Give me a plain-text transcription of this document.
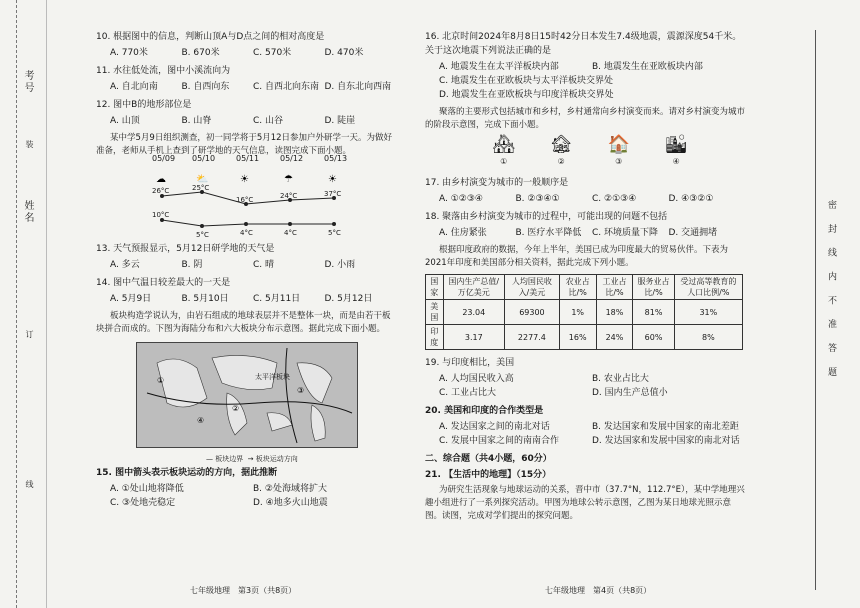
考号
姓名
装
订
线
密 封 线 内 不 准 答 题
10. 根据图中的信息，判断山顶A与D点之间的相对高度是
A. 770米	B. 670米	C. 570米	D. 470米
11. 水往低处流，图中小溪流向为
A. 自北向南	B. 自西向东	C. 自西北向东南 D. 自东北向西南
12. 图中B的地形部位是
A. 山顶	B. 山脊	C. 山谷	D. 陡崖
某中学5月9日组织测查，初一同学将于5月12日参加户外研学一天。为做好准备，老师从手机上查到了研学地的天气信息，读图完成下面小题。
☁	⛅	☀	☂	☀
05/09 05/10	05/11	05/12	05/13
26°C	25°C
16°C	24°C	37°C
10°C
5°C	4°C	4°C	5°C
13. 天气预报显示，5月12日研学地的天气是
A. 多云	B. 阴	C. 晴	D. 小雨
14. 图中气温日较差最大的一天是
A. 5月9日	B. 5月10日	C. 5月11日	D. 5月12日
板块构造学说认为，由岩石组成的地球表层并不是整体一块，而是由若干板块拼合而成的。下图为海陆分布和六大板块分布示意图。据此完成下面小题。
太平洋板块
①
②
③
④
— 板块边界  → 板块运动方向
15. 图中箭头表示板块运动的方向，据此推断
A. ①处山地将降低	B. ②处海域将扩大
C. ③处地壳稳定	D. ④地多火山地震
七年级地理　第3页（共8页）
16. 北京时间2024年8月8日15时42分日本发生7.4级地震，震源深度54千米。关于这次地震下列说法正确的是
A. 地震发生在太平洋板块内部	B. 地震发生在亚欧板块内部
C. 地震发生在亚欧板块与太平洋板块交界处
D. 地震发生在亚欧板块与印度洋板块交界处
聚落的主要形式包括城市和乡村，乡村通常向乡村演变而来。请对乡村演变为城市的阶段示意图，完成下面小题。
🏘
①
🏚
②
🏠
③
🏙
④
17. 由乡村演变为城市的一般顺序是
A. ①②③④	B. ②③④①	C. ②①③④	D. ④③②①
18. 聚落由乡村演变为城市的过程中，可能出现的问题不包括
A. 住房紧张	B. 医疗水平降低	C. 环境质量下降	D. 交通拥堵
根据印度政府的数据，今年上半年，美国已成为印度最大的贸易伙伴。下表为2021年印度和美国部分相关资料，据此完成下列小题。
国家	国内生产总值/万亿美元	人均国民收入/美元	农业占比/%	工业占比/%	服务业占比/%	受过高等教育的人口比例/%
美国	23.04	69300	1%	18%	81%	31%
印度	3.17	2277.4	16%	24%	60%	8%
19. 与印度相比，美国
A. 人均国民收入高	B. 农业占比大
C. 工业占比大	D. 国内生产总值小
20. 美国和印度的合作类型是
A. 发达国家之间的南北对话	B. 发达国家和发展中国家的南北差距
C. 发展中国家之间的南南合作	D. 发达国家和发展中国家的南北对话
二、综合题（共4小题，60分）
21. 【生活中的地理】（15分）
为研究生活现象与地球运动的关系，晋中市（37.7°N，112.7°E），某中学地理兴趣小组进行了一系列探究活动。甲图为地球公转示意图，乙图为某日地球光照示意图。读图，完成对学们提出的探究问题。
七年级地理　第4页（共8页）
